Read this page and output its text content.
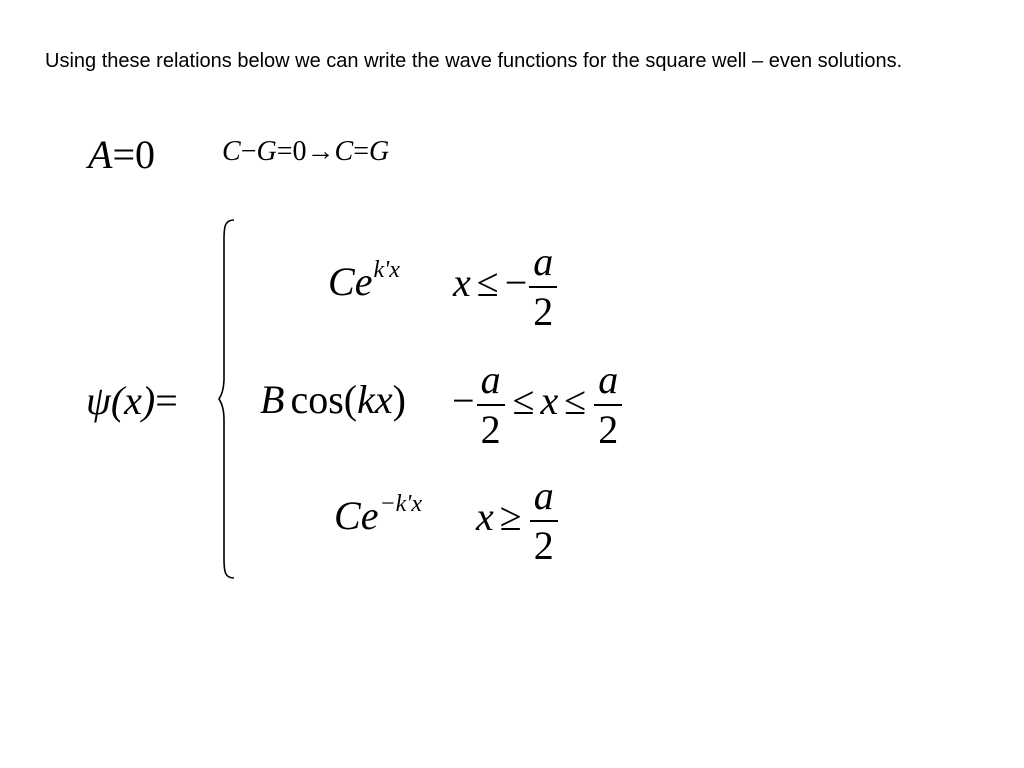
Using these relations below we can write the wave functions for the square well – even solutions.

A=0 C−G=0→C=G
ψ(x)=
$Ce^{k'x}$ x ≤ − $\frac{a}{2}$
B $\cos(kx) - \frac{a}{2} \le x \le \frac{a}{2}$
$Ce^{-k'x}$ $x \ge \frac{a}{2}$
